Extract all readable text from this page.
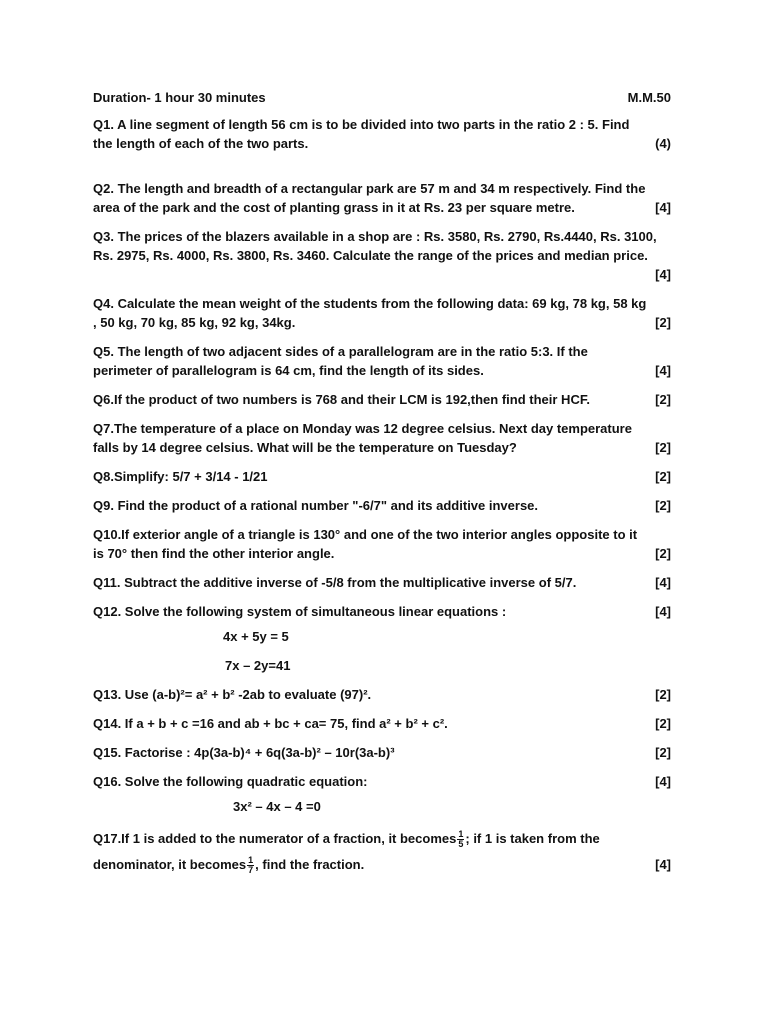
Duration- 1 hour 30 minutes	M.M.50
Q1. A line segment of length 56 cm is to be divided into two parts in the ratio 2 : 5. Find the length of each of the two parts.	(4)
Q2. The length and breadth of a rectangular park are 57 m and 34 m respectively. Find the area of the park and the cost of planting grass in it at Rs. 23 per square metre.	[4]
Q3. The prices of the blazers available in a shop are : Rs. 3580, Rs. 2790, Rs.4440, Rs. 3100, Rs. 2975, Rs. 4000, Rs. 3800, Rs. 3460. Calculate the range of the prices and median price.
[4]
Q4. Calculate the mean weight of the students from the following data: 69 kg, 78 kg, 58 kg , 50 kg, 70 kg, 85 kg, 92 kg, 34kg.	[2]
Q5. The length of two adjacent sides of a parallelogram are in the ratio 5:3. If the perimeter of parallelogram is 64 cm, find the length of its sides.	[4]
Q6.If the product of two numbers is 768 and their LCM is 192,then find their HCF.	[2]
Q7.The temperature of a place on Monday was 12 degree celsius. Next day temperature falls by 14 degree celsius. What will be the temperature on Tuesday?	[2]
Q8.Simplify: 5/7 + 3/14 - 1/21	[2]
Q9. Find the product of a rational number "-6/7" and its additive inverse.	[2]
Q10.If exterior angle of a triangle is 130° and one of the two interior angles opposite to it is 70° then find the other interior angle.	[2]
Q11. Subtract the additive inverse of -5/8 from the multiplicative inverse of 5/7.	[4]
Q12. Solve the following system of simultaneous linear equations :	[4]
4x + 5y = 5
7x – 2y=41
Q13. Use (a-b)²= a² + b² -2ab to evaluate (97)².	[2]
Q14. If a + b + c =16 and ab + bc + ca= 75, find a² + b² + c².	[2]
Q15. Factorise : 4p(3a-b)⁴ + 6q(3a-b)² – 10r(3a-b)³	[2]
Q16. Solve the following quadratic equation:	[4]
3x² – 4x – 4 =0
Q17.If 1 is added to the numerator of a fraction, it becomes $\frac{1}{5}$ ; if 1 is taken from the
denominator, it becomes $\frac{1}{7}$ , find the fraction.	[4]
